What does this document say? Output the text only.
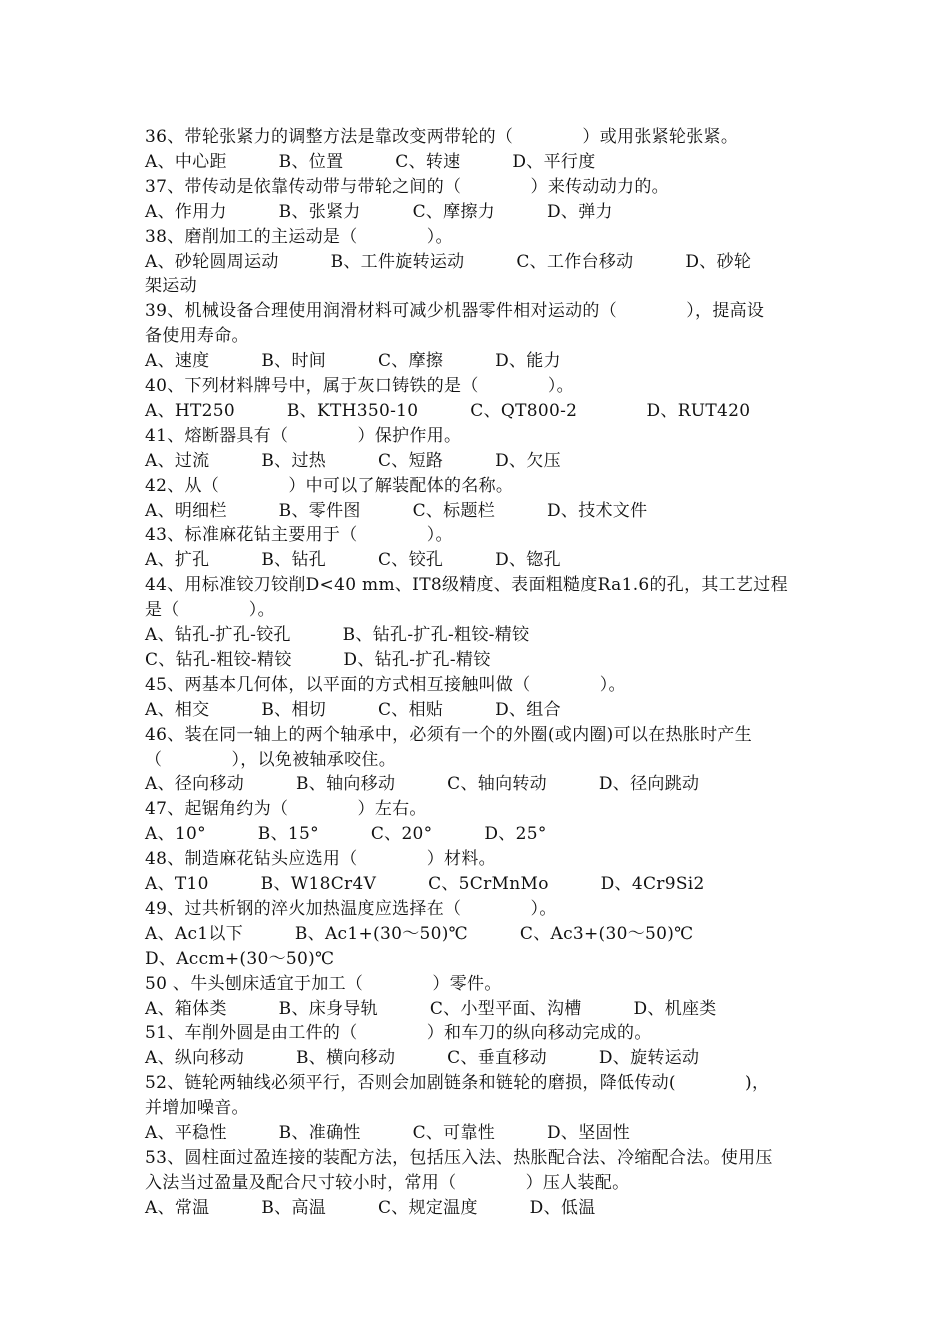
36、带轮张紧力的调整方法是靠改变两带轮的（　　　　）或用张紧轮张紧。
A、中心距　　　B、位置　　　C、转速　　　D、平行度
37、带传动是依靠传动带与带轮之间的（　　　　）来传动动力的。
A、作用力　　　B、张紧力　　　C、摩擦力　　　D、弹力
38、磨削加工的主运动是（　　　　）。
A、砂轮圆周运动　　　B、工件旋转运动　　　C、工作台移动　　　D、砂轮
架运动
39、机械设备合理使用润滑材料可减少机器零件相对运动的（　　　　），提高设
备使用寿命。
A、速度　　　B、时间　　　C、摩擦　　　D、能力
40、下列材料牌号中，属于灰口铸铁的是（　　　　）。
A、HT250　　　B、KTH350-10　　　C、QT800-2　　　　D、RUT420
41、熔断器具有（　　　　）保护作用。
A、过流　　　B、过热　　　C、短路　　　D、欠压
42、从（　　　　）中可以了解装配体的名称。
A、明细栏　　　B、零件图　　　C、标题栏　　　D、技术文件
43、标准麻花钻主要用于（　　　　）。
A、扩孔　　　B、钻孔　　　C、铰孔　　　D、锪孔
44、用标准铰刀铰削D<40 mm、IT8级精度、表面粗糙度Ra1.6的孔，其工艺过程
是（　　　　）。
A、钻孔-扩孔-铰孔　　　B、钻孔-扩孔-粗铰-精铰
C、钻孔-粗铰-精铰　　　D、钻孔-扩孔-精铰
45、两基本几何体，以平面的方式相互接触叫做（　　　　）。
A、相交　　　B、相切　　　C、相贴　　　D、组合
46、装在同一轴上的两个轴承中，必须有一个的外圈(或内圈)可以在热胀时产生
（　　　　），以免被轴承咬住。
A、径向移动　　　B、轴向移动　　　C、轴向转动　　　D、径向跳动
47、起锯角约为（　　　　）左右。
A、10°　　　B、15°　　　C、20°　　　D、25°
48、制造麻花钻头应选用（　　　　）材料。
A、T10　　　B、W18Cr4V　　　C、5CrMnMo　　　D、4Cr9Si2
49、过共析钢的淬火加热温度应选择在（　　　　）。
A、Ac1以下　　　B、Ac1+(30～50)℃　　　C、Ac3+(30～50)℃
D、Accm+(30～50)℃
50 、牛头刨床适宜于加工（　　　　）零件。
A、箱体类　　　B、床身导轨　　　C、小型平面、沟槽　　　D、机座类
51、车削外圆是由工件的（　　　　）和车刀的纵向移动完成的。
A、纵向移动　　　B、横向移动　　　C、垂直移动　　　D、旋转运动
52、链轮两轴线必须平行，否则会加剧链条和链轮的磨损，降低传动(　　　　)，
并增加噪音。
A、平稳性　　　B、准确性　　　C、可靠性　　　D、坚固性
53、圆柱面过盈连接的装配方法，包括压入法、热胀配合法、冷缩配合法。使用压
入法当过盈量及配合尺寸较小时，常用（　　　　）压人装配。
A、常温　　　B、高温　　　C、规定温度　　　D、低温
